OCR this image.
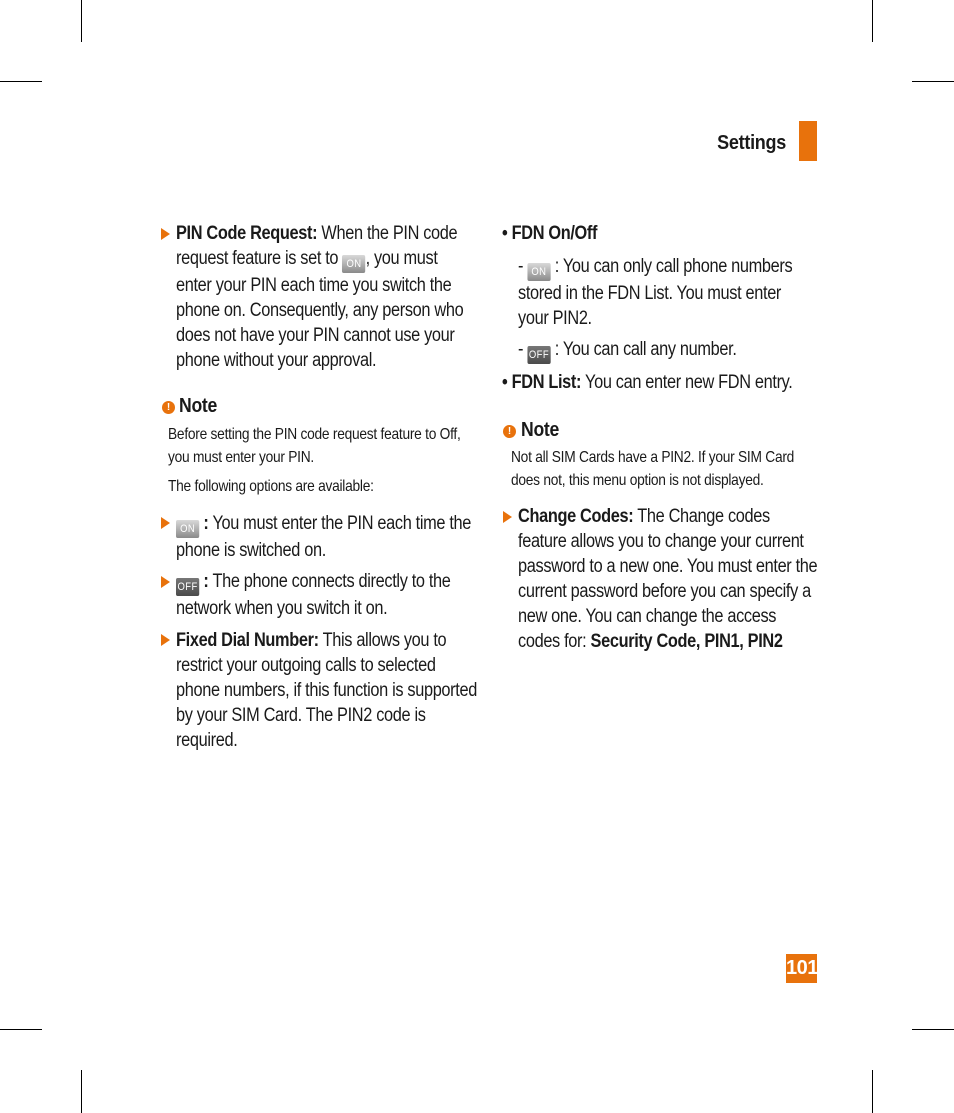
Settings
PIN Code Request: When the PIN code request feature is set to ON , you must enter your PIN each time you switch the phone on. Consequently, any person who does not have your PIN cannot use your phone without your approval.
! Note
Before setting the PIN code request feature to Off, you must enter your PIN.
The following options are available:
ON : You must enter the PIN each time the phone is switched on.
OFF : The phone connects directly to the network when you switch it on.
Fixed Dial Number: This allows you to restrict your outgoing calls to selected phone numbers, if this function is supported by your SIM Card. The PIN2 code is required.
• FDN On/Off
- ON : You can only call phone numbers stored in the FDN List. You must enter your PIN2.
- OFF : You can call any number.
• FDN List: You can enter new FDN entry.
! Note
Not all SIM Cards have a PIN2. If your SIM Card does not, this menu option is not displayed.
Change Codes: The Change codes feature allows you to change your current password to a new one. You must enter the current password before you can specify a new one. You can change the access codes for: Security Code, PIN1, PIN2
101
